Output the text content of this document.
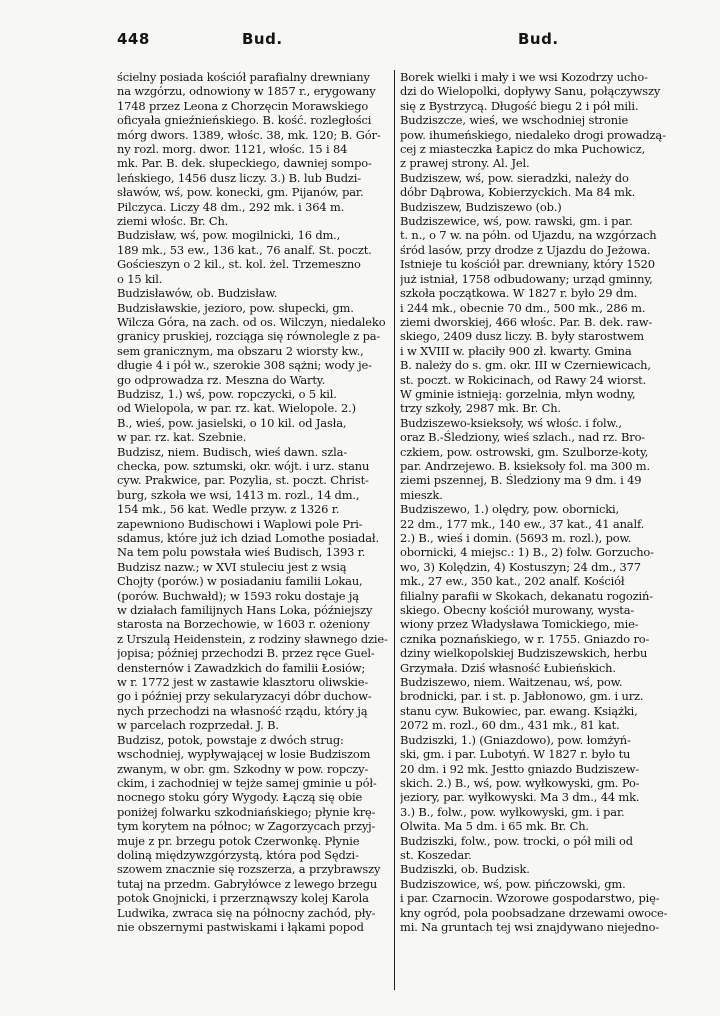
448	Bud.	Bud.
ścielny posiada kościół parafialny drewniany
na wzgórzu, odnowiony w 1857 r., erygowany
1748 przez Leona z Chorzęcin Morawskiego
oficyała gnieźnieńskiego. B. kość. rozległości
mórg dwors. 1389, włośc. 38, mk. 120; B. Gór-
ny rozl. morg. dwor. 1121, włośc. 15 i 84
mk. Par. B. dek. słupeckiego, dawniej sompo-
leńskiego, 1456 dusz liczy. 3.) B. lub Budzi-
sławów, wś, pow. konecki, gm. Pijanów, par.
Pilczyca. Liczy 48 dm., 292 mk. i 364 m.
ziemi włośc. Br. Ch.
Budzisław, wś, pow. mogilnicki, 16 dm.,
189 mk., 53 ew., 136 kat., 76 analf. St. poczt.
Gościeszyn o 2 kil., st. kol. żel. Trzemeszno
o 15 kil.
Budzisławów, ob. Budzisław.
Budzisławskie, jezioro, pow. słupecki, gm.
Wilcza Góra, na zach. od os. Wilczyn, niedaleko
granicy pruskiej, rozciąga się równolegle z pa-
sem granicznym, ma obszaru 2 wiorsty kw.,
długie 4 i pół w., szerokie 308 sążni; wody je-
go odprowadza rz. Meszna do Warty.
Budzisz, 1.) wś, pow. ropczycki, o 5 kil.
od Wielopola, w par. rz. kat. Wielopole. 2.)
B., wieś, pow. jasielski, o 10 kil. od Jasła,
w par. rz. kat. Szebnie.
Budzisz, niem. Budisch, wieś dawn. szla-
checka, pow. sztumski, okr. wójt. i urz. stanu
cyw. Prakwice, par. Pozylia, st. poczt. Christ-
burg, szkoła we wsi, 1413 m. rozl., 14 dm.,
154 mk., 56 kat. Wedle przyw. z 1326 r.
zapewniono Budischowi i Waplowi pole Pri-
sdamus, które już ich dziad Lomothe posiadał.
Na tem polu powstała wieś Budisch, 1393 r.
Budzisz nazw.; w XVI stuleciu jest z wsią
Chojty (porów.) w posiadaniu familii Lokau,
(porów. Buchwałd); w 1593 roku dostaje ją
w działach familijnych Hans Loka, późniejszy
starosta na Borzechowie, w 1603 r. ożeniony
z Urszulą Heidenstein, z rodziny sławnego dzie-
jopisa; później przechodzi B. przez ręce Guel-
densternów i Zawadzkich do familii Łosiów;
w r. 1772 jest w zastawie klasztoru oliwskie-
go i później przy sekularyzacyi dóbr duchow-
nych przechodzi na własność rządu, który ją
w parcelach rozprzedał. J. B.
Budzisz, potok, powstaje z dwóch strug:
wschodniej, wypływającej w losie Budziszom
zwanym, w obr. gm. Szkodny w pow. ropczy-
ckim, i zachodniej w tejże samej gminie u pół-
nocnego stoku góry Wygody. Łączą się obie
poniżej folwarku szkodniańskiego; płynie krę-
tym korytem na północ; w Zagorzycach przyj-
muje z pr. brzegu potok Czerwonkę. Płynie
doliną międzywzgórzystą, która pod Sędzi-
szowem znacznie się rozszerza, a przybrawszy
tutaj na przedm. Gabryłówce z lewego brzegu
potok Gnojnicki, i przerznąwszy kolej Karola
Ludwika, zwraca się na północny zachód, pły-
nie obszernymi pastwiskami i łąkami popod
Borek wielki i mały i we wsi Kozodrzy ucho-
dzi do Wielopolki, dopływy Sanu, połączywszy
się z Bystrzycą. Długość biegu 2 i pół mili.
Budziszcze, wieś, we wschodniej stronie
pow. ihumeńskiego, niedaleko drogi prowadzą-
cej z miasteczka Łapicz do mka Puchowicz,
z prawej strony. Al. Jel.
Budziszew, wś, pow. sieradzki, należy do
dóbr Dąbrowa, Kobierzyckich. Ma 84 mk.
Budziszew, Budziszewo (ob.)
Budziszewice, wś, pow. rawski, gm. i par.
t. n., o 7 w. na półn. od Ujazdu, na wzgórzach
śród lasów, przy drodze z Ujazdu do Jeżowa.
Istnieje tu kościół par. drewniany, który 1520
już istniał, 1758 odbudowany; urząd gminny,
szkoła początkowa. W 1827 r. było 29 dm.
i 244 mk., obecnie 70 dm., 500 mk., 286 m.
ziemi dworskiej, 466 włośc. Par. B. dek. raw-
skiego, 2409 dusz liczy. B. były starostwem
i w XVIII w. płaciły 900 zł. kwarty. Gmina
B. należy do s. gm. okr. III w Czerniewicach,
st. poczt. w Rokicinach, od Rawy 24 wiorst.
W gminie istnieją: gorzelnia, młyn wodny,
trzy szkoły, 2987 mk. Br. Ch.
Budziszewo-ksieksoły, wś włośc. i folw.,
oraz B.-Śledziony, wieś szlach., nad rz. Bro-
czkiem, pow. ostrowski, gm. Szulborze-koty,
par. Andrzejewo. B. ksieksoły fol. ma 300 m.
ziemi pszennej, B. Śledziony ma 9 dm. i 49
mieszk.
Budziszewo, 1.) olędry, pow. obornicki,
22 dm., 177 mk., 140 ew., 37 kat., 41 analf.
2.) B., wieś i domin. (5693 m. rozl.), pow.
obornicki, 4 miejsc.: 1) B., 2) folw. Gorzucho-
wo, 3) Kolędzin, 4) Kostuszyn; 24 dm., 377
mk., 27 ew., 350 kat., 202 analf. Kościół
filialny parafii w Skokach, dekanatu rogoziń-
skiego. Obecny kościół murowany, wysta-
wiony przez Władysława Tomickiego, mie-
cznika poznańskiego, w r. 1755. Gniazdo ro-
dziny wielkopolskiej Budziszewskich, herbu
Grzymała. Dziś własność Łubieńskich.
Budziszewo, niem. Waitzenau, wś, pow.
brodnicki, par. i st. p. Jabłonowo, gm. i urz.
stanu cyw. Bukowiec, par. ewang. Książki,
2072 m. rozl., 60 dm., 431 mk., 81 kat.
Budziszki, 1.) (Gniazdowo), pow. łomżyń-
ski, gm. i par. Lubotyń. W 1827 r. było tu
20 dm. i 92 mk. Jestto gniazdo Budziszew-
skich. 2.) B., wś, pow. wyłkowyski, gm. Po-
jeziory, par. wyłkowyski. Ma 3 dm., 44 mk.
3.) B., folw., pow. wyłkowyski, gm. i par.
Olwita. Ma 5 dm. i 65 mk. Br. Ch.
Budziszki, folw., pow. trocki, o pół mili od
st. Koszedar.
Budziszki, ob. Budzisk.
Budziszowice, wś, pow. pińczowski, gm.
i par. Czarnocin. Wzorowe gospodarstwo, pię-
kny ogród, pola poobsadzane drzewami owoce-
mi. Na gruntach tej wsi znajdywano niejedno-
